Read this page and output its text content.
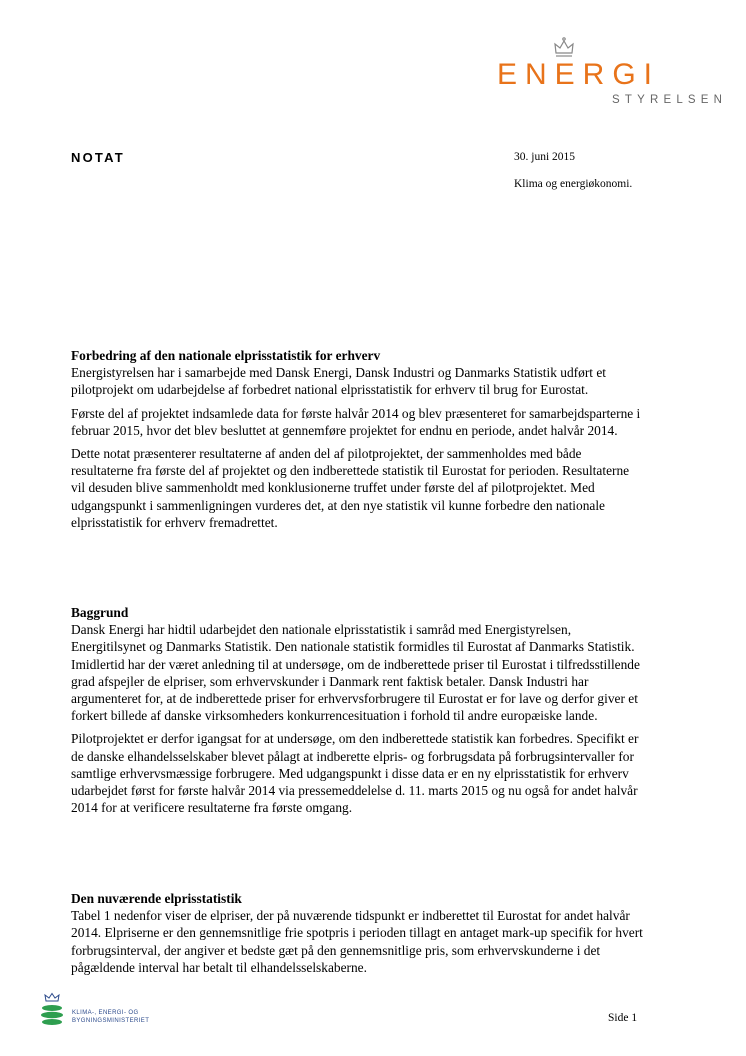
ENERGI
STYRELSEN
NOTAT	30. juni 2015
Klima og energiøkonomi.
Forbedring af den nationale elprisstatistik for erhverv

Energistyrelsen har i samarbejde med Dansk Energi, Dansk Industri og Danmarks Statistik udført et pilotprojekt om udarbejdelse af forbedret national elprisstatistik for erhverv til brug for Eurostat.

Første del af projektet indsamlede data for første halvår 2014 og blev præsenteret for samarbejdsparterne i februar 2015, hvor det blev besluttet at gennemføre projektet for endnu en periode, andet halvår 2014.

Dette notat præsenterer resultaterne af anden del af pilotprojektet, der sammenholdes med både resultaterne fra første del af projektet og den indberettede statistik til Eurostat for perioden. Resultaterne vil desuden blive sammenholdt med konklusionerne truffet under første del af pilotprojektet. Med udgangspunkt i sammenligningen vurderes det, at den nye statistik vil kunne forbedre den nationale elprisstatistik for erhverv fremadrettet.

Baggrund

Dansk Energi har hidtil udarbejdet den nationale elprisstatistik i samråd med Energistyrelsen, Energitilsynet og Danmarks Statistik. Den nationale statistik formidles til Eurostat af Danmarks Statistik. Imidlertid har der været anledning til at undersøge, om de indberettede priser til Eurostat i tilfredsstillende grad afspejler de elpriser, som erhvervskunder i Danmark rent faktisk betaler. Dansk Industri har argumenteret for, at de indberettede priser for erhvervsforbrugere til Eurostat er for lave og derfor giver et forkert billede af danske virksomheders konkurrencesituation i forhold til andre europæiske lande.

Pilotprojektet er derfor igangsat for at undersøge, om den indberettede statistik kan forbedres. Specifikt er de danske elhandelsselskaber blevet pålagt at indberette elpris- og forbrugsdata på forbrugsintervaller for samtlige erhvervsmæssige forbrugere. Med udgangspunkt i disse data er en ny elprisstatistik for erhverv udarbejdet først for første halvår 2014 via pressemeddelelse d. 11. marts 2015 og nu også for andet halvår 2014 for at verificere resultaterne fra første omgang.

Den nuværende elprisstatistik

Tabel 1 nedenfor viser de elpriser, der på nuværende tidspunkt er indberettet til Eurostat for andet halvår 2014. Elpriserne er den gennemsnitlige frie spotpris i perioden tillagt en antaget mark-up specifik for hvert forbrugsinterval, der angiver et bedste gæt på den gennemsnitlige pris, som erhvervskunderne i det pågældende interval har betalt til elhandelsselskaberne.

KLIMA-, ENERGI- OG
BYGNINGSMINISTERIET	Side 1
